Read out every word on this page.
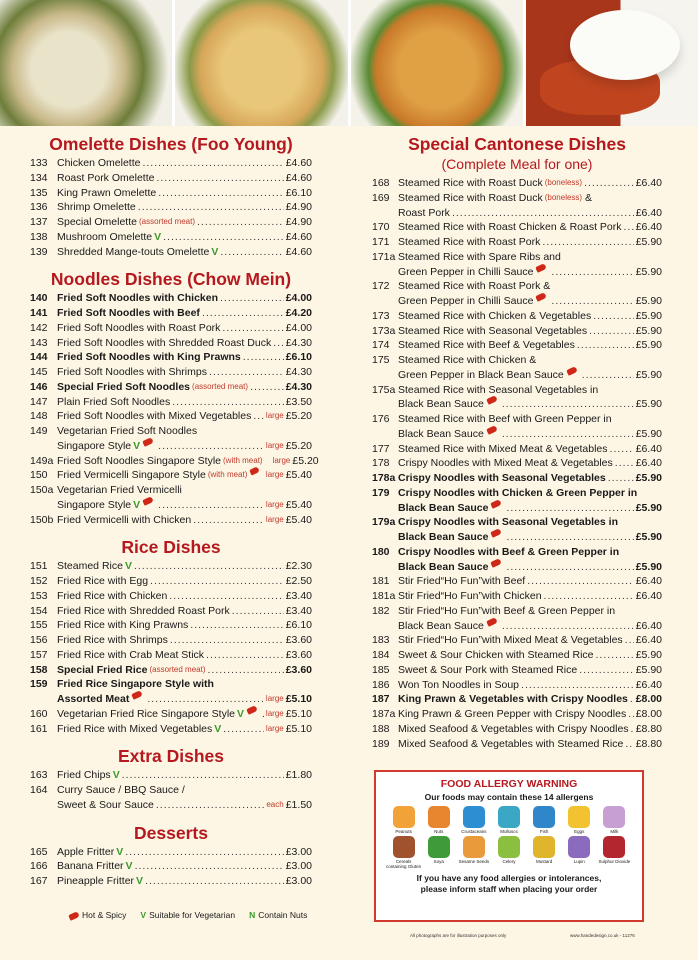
Omelette Dishes (Foo Young)
133 Chicken Omelette .....	£4.60
134 Roast Pork Omelette .....	£4.60
135 King Prawn Omelette .....	£6.10
136 Shrimp Omelette .....	£4.90
137 Special Omelette (assorted meat) .....	£4.90
138 Mushroom Omelette V .....	£4.60
139 Shredded Mange-touts Omelette V .....	£4.60
Noodles Dishes (Chow Mein)
140 Fried Soft Noodles with Chicken .....	£4.00
141 Fried Soft Noodles with Beef .....	£4.20
142 Fried Soft Noodles with Roast Pork .....	£4.00
143 Fried Soft Noodles with Shredded Roast Duck ..... £4.30
144 Fried Soft Noodles with King Prawns .....	£6.10
145 Fried Soft Noodles with Shrimps .....	£4.30
146 Special Fried Soft Noodles (assorted meat) .....	£4.30
147 Plain Fried Soft Noodles .....	£3.50
148 Fried Soft Noodles with Mixed Vegetables ..... large £5.20
149 Vegetarian Fried Soft Noodles
Singapore Style V .....	large £5.20
149a Fried Soft Noodles Singapore Style (with meat) large £5.20
150 Fried Vermicelli Singapore Style (with meat) large £5.40
150a Vegetarian Fried Vermicelli
Singapore Style V .....	large £5.40
150b Fried Vermicelli with Chicken .....	large £5.40
Rice Dishes
151 Steamed Rice V .....	£2.30
152 Fried Rice with Egg .....	£2.50
153 Fried Rice with Chicken .....	£3.40
154 Fried Rice with Shredded Roast Pork .....	£3.40
155 Fried Rice with King Prawns .....	£6.10
156 Fried Rice with Shrimps .....	£3.60
157 Fried Rice with Crab Meat Stick .....	£3.60
158 Special Fried Rice (assorted meat) .....	£3.60
159 Fried Rice Singapore Style with
Assorted Meat .....	large £5.10
160 Vegetarian Fried Rice Singapore Style V .....	large £5.10
161 Fried Rice with Mixed Vegetables V .....	large £5.10
Extra Dishes
163 Fried Chips V .....	£1.80
164 Curry Sauce / BBQ Sauce /
Sweet & Sour Sauce .....	each £1.50
Desserts
165 Apple Fritter V .....	£3.00
166 Banana Fritter V .....	£3.00
167 Pineapple Fritter V .....	£3.00
Special Cantonese Dishes
(Complete Meal for one)
168 Steamed Rice with Roast Duck (boneless) .....	£6.40
169 Steamed Rice with Roast Duck (boneless) &
Roast Pork .....	£6.40
170 Steamed Rice with Roast Chicken & Roast Pork ..... £6.40
171 Steamed Rice with Roast Pork .....	£5.90
171a Steamed Rice with Spare Ribs and
Green Pepper in Chilli Sauce .....	£5.90
172 Steamed Rice with Roast Pork &
Green Pepper in Chilli Sauce .....	£5.90
173 Steamed Rice with Chicken & Vegetables .....	£5.90
173a Steamed Rice with Seasonal Vegetables .....	£5.90
174 Steamed Rice with Beef & Vegetables .....	£5.90
175 Steamed Rice with Chicken &
Green Pepper in Black Bean Sauce .....	£5.90
175a Steamed Rice with Seasonal Vegetables in
Black Bean Sauce .....	£5.90
176 Steamed Rice with Beef with Green Pepper in
Black Bean Sauce .....	£5.90
177 Steamed Rice with Mixed Meat & Vegetables .....	£6.40
178 Crispy Noodles with Mixed Meat & Vegetables ..... £6.40
178a Crispy Noodles with Seasonal Vegetables .....	£5.90
179 Crispy Noodles with Chicken & Green Pepper in
Black Bean Sauce .....	£5.90
179a Crispy Noodles with Seasonal Vegetables in
Black Bean Sauce .....	£5.90
180 Crispy Noodles with Beef & Green Pepper in
Black Bean Sauce .....	£5.90
181 Stir Fried“Ho Fun”with Beef .....	£6.40
181a Stir Fried“Ho Fun”with Chicken .....	£6.40
182 Stir Fried“Ho Fun”with Beef & Green Pepper in
Black Bean Sauce .....	£6.40
183 Stir Fried“Ho Fun”with Mixed Meat & Vegetables ..... £6.40
184 Sweet & Sour Chicken with Steamed Rice .....	£5.90
185 Sweet & Sour Pork with Steamed Rice .....	£5.90
186 Won Ton Noodles in Soup .....	£6.40
187 King Prawn & Vegetables with Crispy Noodles ..... £8.00
187a King Prawn & Green Pepper with Crispy Noodles ..... £8.00
188 Mixed Seafood & Vegetables with Crispy Noodles ..... £8.80
189 Mixed Seafood & Vegetables with Steamed Rice ..... £8.80
Hot & Spicy V Suitable for Vegetarian N Contain Nuts
FOOD ALLERGY WARNING
Our foods may contain these 14 allergens
Peanuts	Nuts	Crustaceans	Molluscs	Fish	Eggs	Milk
Cereals containing Gluten
Soya	Sesame Seeds	Celery	Mustard	Lupin	Sulphur Dioxide
If you have any food allergies or intolerances,
please inform staff when placing your order
All photographs are for illustration purposes only	www.handedesign.co.uk - 11276
